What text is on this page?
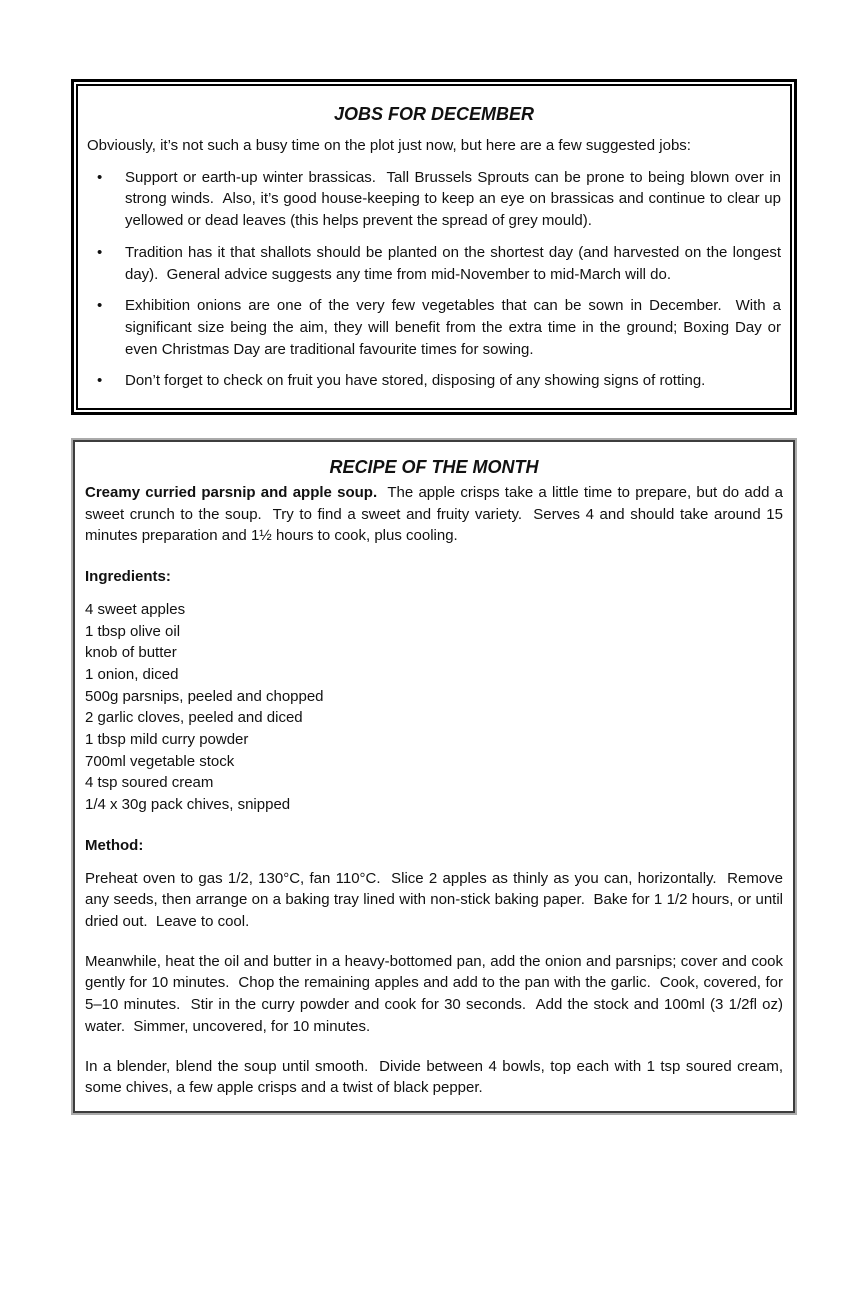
JOBS FOR DECEMBER

Obviously, it’s not such a busy time on the plot just now, but here are a few suggested jobs:

• Support or earth-up winter brassicas.  Tall Brussels Sprouts can be prone to being blown over in strong winds.  Also, it’s good house-keeping to keep an eye on brassicas and continue to clear up yellowed or dead leaves (this helps prevent the spread of grey mould).
• Tradition has it that shallots should be planted on the shortest day (and harvested on the longest day).  General advice suggests any time from mid-November to mid-March will do.
• Exhibition onions are one of the very few vegetables that can be sown in December.  With a significant size being the aim, they will benefit from the extra time in the ground; Boxing Day or even Christmas Day are traditional favourite times for sowing.
• Don’t forget to check on fruit you have stored, disposing of any showing signs of rotting.
RECIPE OF THE MONTH

Creamy curried parsnip and apple soup.  The apple crisps take a little time to prepare, but do add a sweet crunch to the soup.  Try to find a sweet and fruity variety.  Serves 4 and should take around 15 minutes preparation and 1½ hours to cook, plus cooling.

Ingredients:
4 sweet apples
1 tbsp olive oil
knob of butter
1 onion, diced
500g parsnips, peeled and chopped
2 garlic cloves, peeled and diced
1 tbsp mild curry powder
700ml vegetable stock
4 tsp soured cream
1/4 x 30g pack chives, snipped
Method:

Preheat oven to gas 1/2, 130°C, fan 110°C.  Slice 2 apples as thinly as you can, horizontally.  Remove any seeds, then arrange on a baking tray lined with non-stick baking paper.  Bake for 1 1/2 hours, or until dried out.  Leave to cool.

Meanwhile, heat the oil and butter in a heavy-bottomed pan, add the onion and parsnips; cover and cook gently for 10 minutes.  Chop the remaining apples and add to the pan with the garlic.  Cook, covered, for 5–10 minutes.  Stir in the curry powder and cook for 30 seconds.  Add the stock and 100ml (3 1/2fl oz) water.  Simmer, uncovered, for 10 minutes.

In a blender, blend the soup until smooth.  Divide between 4 bowls, top each with 1 tsp soured cream, some chives, a few apple crisps and a twist of black pepper.
